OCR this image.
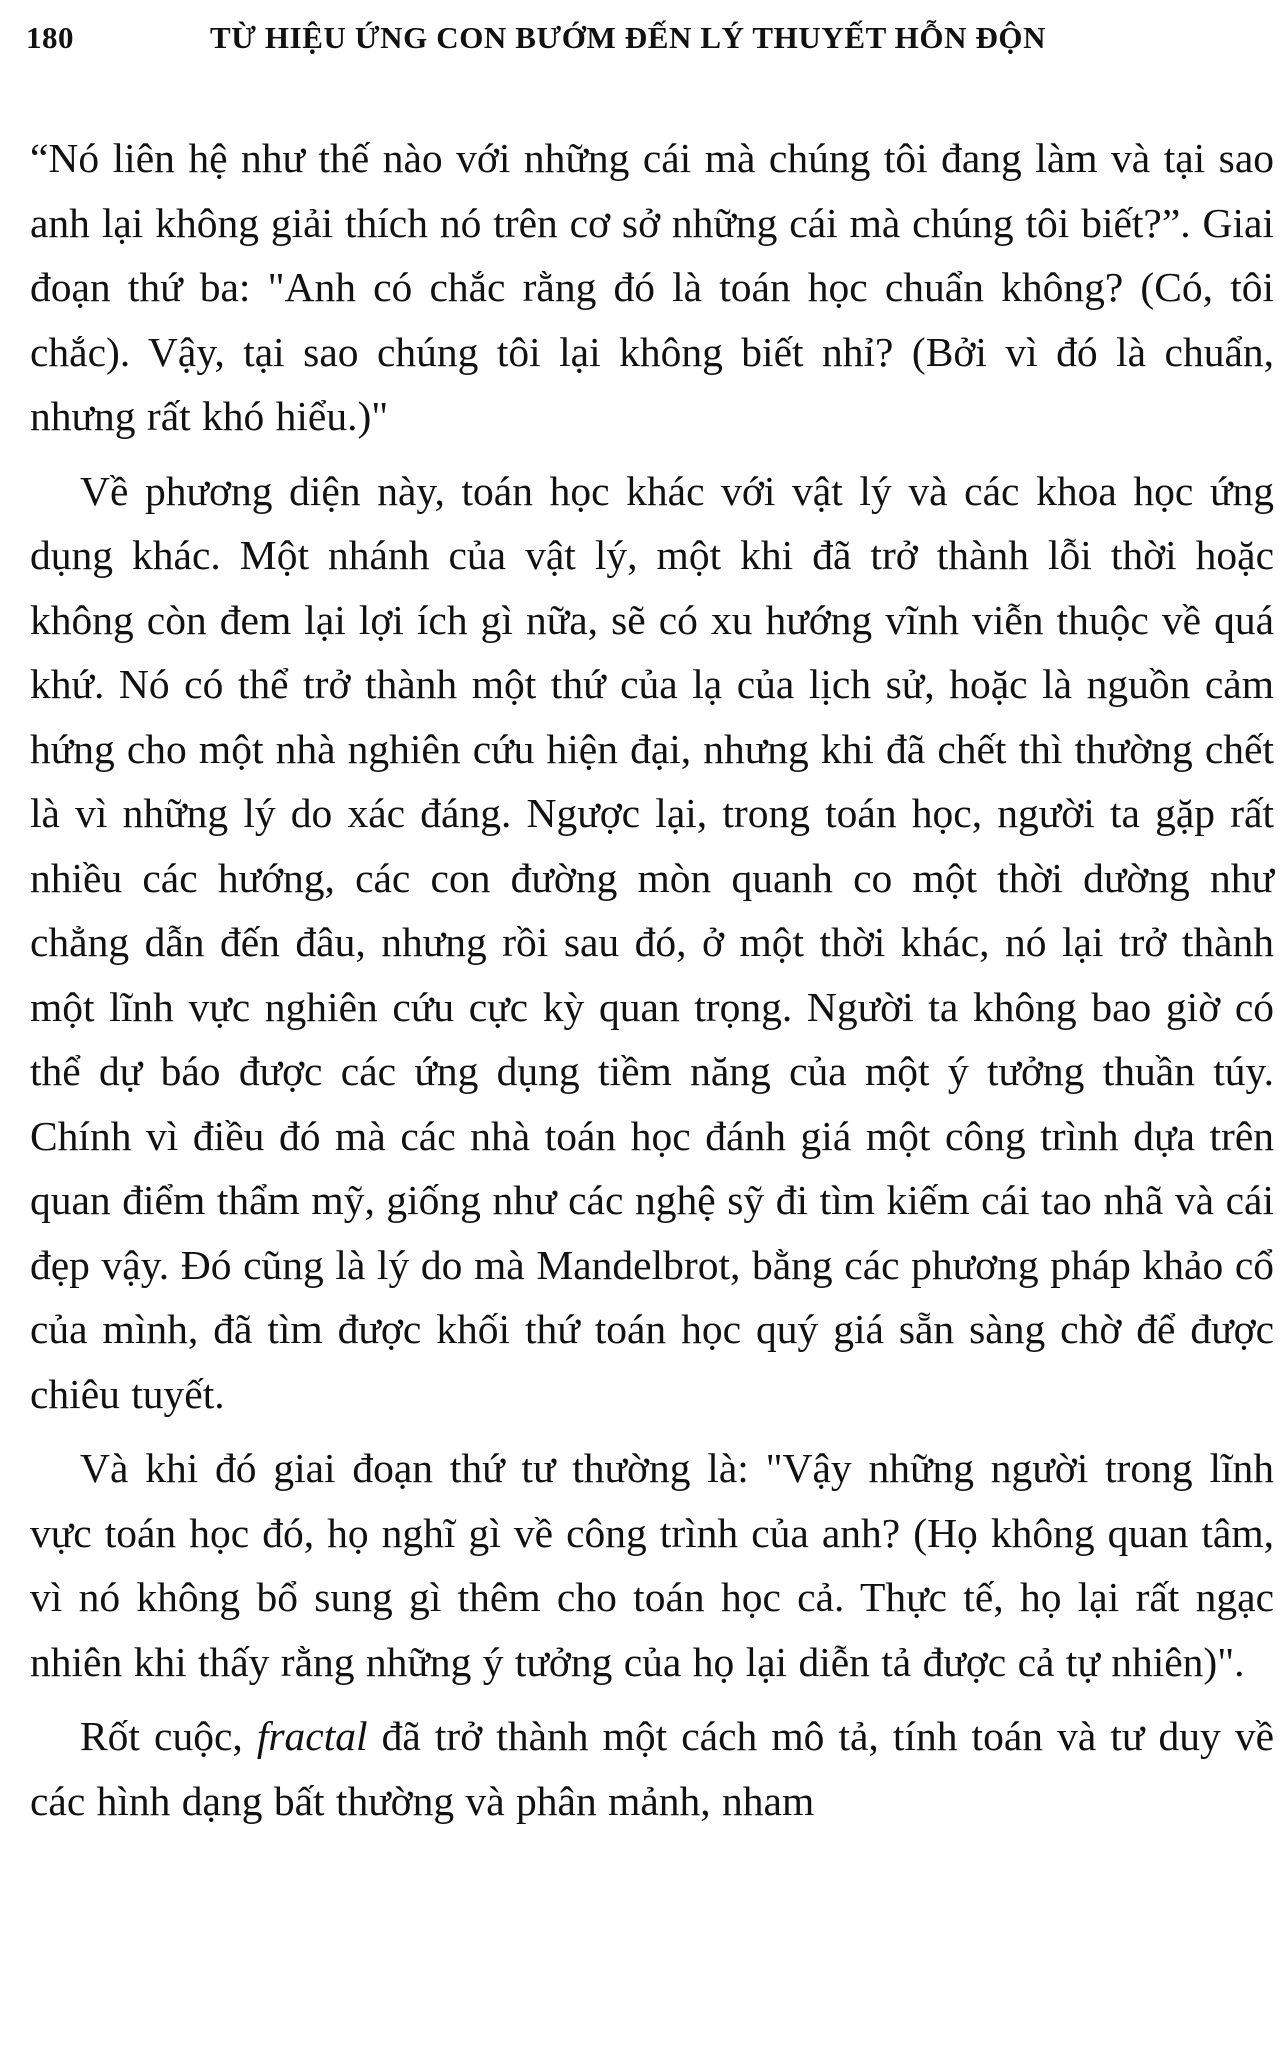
180	TỪ HIỆU ỨNG CON BƯỚM ĐẾN LÝ THUYẾT HỖN ĐỘN

“Nó liên hệ như thế nào với những cái mà chúng tôi đang làm và tại sao anh lại không giải thích nó trên cơ sở những cái mà chúng tôi biết?”. Giai đoạn thứ ba: "Anh có chắc rằng đó là toán học chuẩn không? (Có, tôi chắc). Vậy, tại sao chúng tôi lại không biết nhỉ? (Bởi vì đó là chuẩn, nhưng rất khó hiểu.)"

Về phương diện này, toán học khác với vật lý và các khoa học ứng dụng khác. Một nhánh của vật lý, một khi đã trở thành lỗi thời hoặc không còn đem lại lợi ích gì nữa, sẽ có xu hướng vĩnh viễn thuộc về quá khứ. Nó có thể trở thành một thứ của lạ của lịch sử, hoặc là nguồn cảm hứng cho một nhà nghiên cứu hiện đại, nhưng khi đã chết thì thường chết là vì những lý do xác đáng. Ngược lại, trong toán học, người ta gặp rất nhiều các hướng, các con đường mòn quanh co một thời dường như chẳng dẫn đến đâu, nhưng rồi sau đó, ở một thời khác, nó lại trở thành một lĩnh vực nghiên cứu cực kỳ quan trọng. Người ta không bao giờ có thể dự báo được các ứng dụng tiềm năng của một ý tưởng thuần túy. Chính vì điều đó mà các nhà toán học đánh giá một công trình dựa trên quan điểm thẩm mỹ, giống như các nghệ sỹ đi tìm kiếm cái tao nhã và cái đẹp vậy. Đó cũng là lý do mà Mandelbrot, bằng các phương pháp khảo cổ của mình, đã tìm được khối thứ toán học quý giá sẵn sàng chờ để được chiêu tuyết.

Và khi đó giai đoạn thứ tư thường là: "Vậy những người trong lĩnh vực toán học đó, họ nghĩ gì về công trình của anh? (Họ không quan tâm, vì nó không bổ sung gì thêm cho toán học cả. Thực tế, họ lại rất ngạc nhiên khi thấy rằng những ý tưởng của họ lại diễn tả được cả tự nhiên)".

Rốt cuộc, fractal đã trở thành một cách mô tả, tính toán và tư duy về các hình dạng bất thường và phân mảnh, nham
